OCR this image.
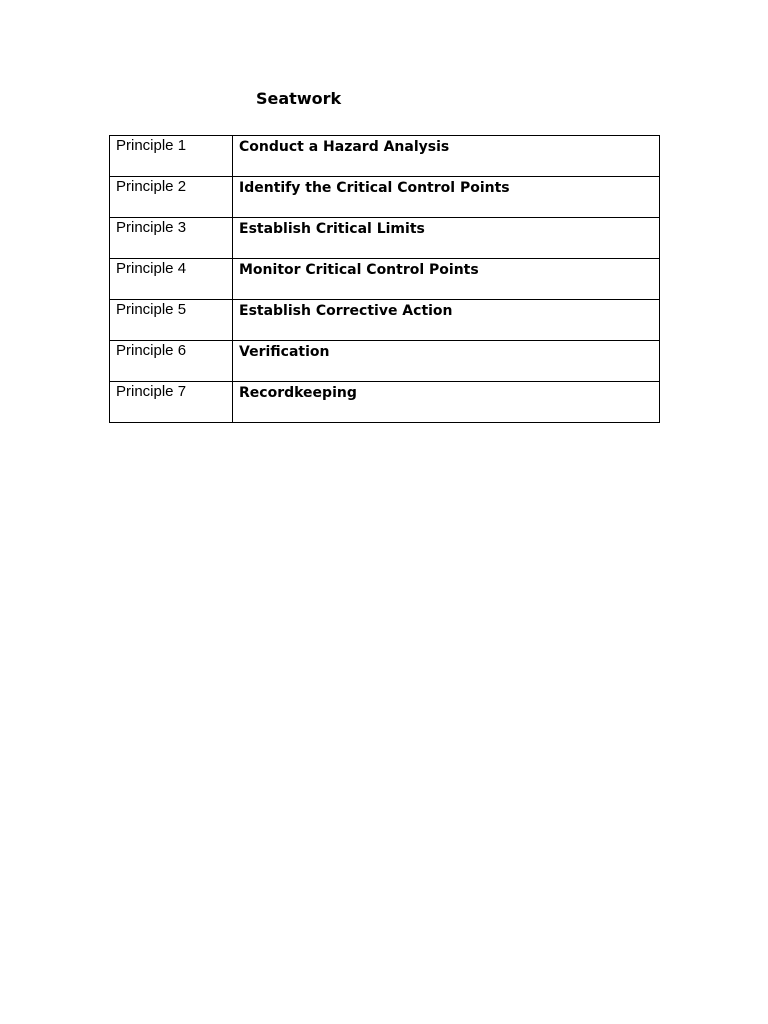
Seatwork
Principle 1	Conduct a Hazard Analysis

Principle 2	Identify the Critical Control Points

Principle 3	Establish Critical Limits

Principle 4	Monitor Critical Control Points

Principle 5	Establish Corrective Action

Principle 6	Verification

Principle 7	Recordkeeping
